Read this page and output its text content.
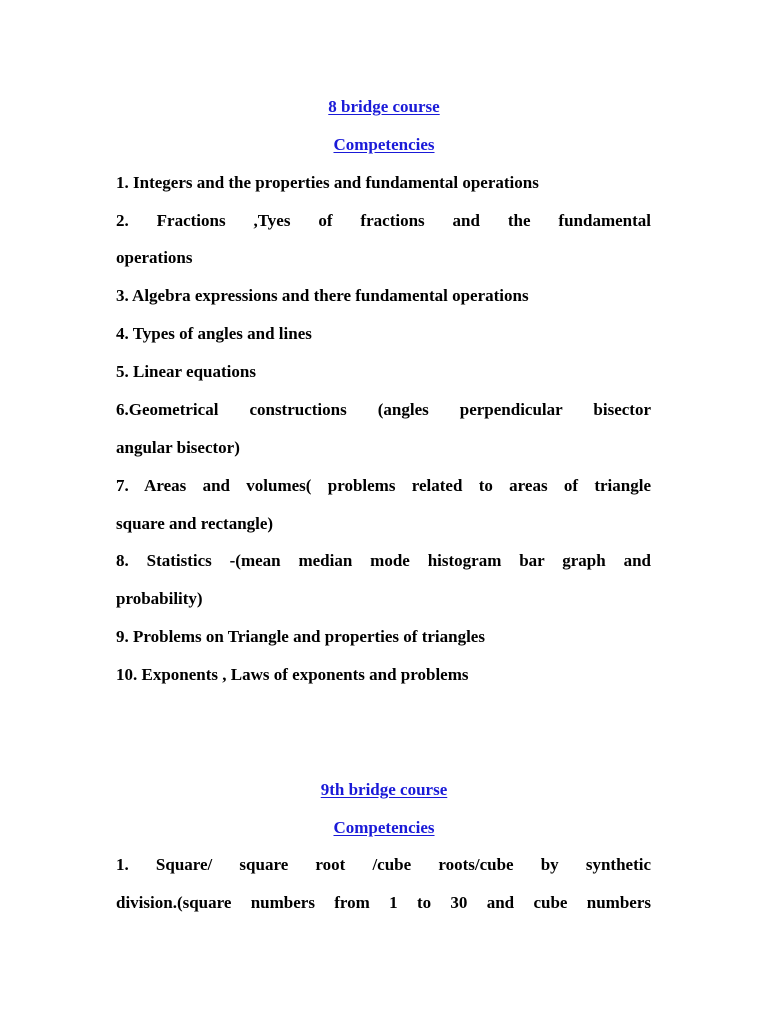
8 bridge course
Competencies
1. Integers and the properties and fundamental operations
2. Fractions ,Tyes of fractions and the fundamental
operations
3. Algebra expressions and there fundamental operations
4. Types of angles and lines
5. Linear equations
6.Geometrical constructions (angles perpendicular bisector
angular bisector)
7. Areas and volumes( problems related to areas of triangle
square and rectangle)
8. Statistics -(mean median mode histogram bar graph and
probability)
9. Problems on Triangle and properties of triangles
10. Exponents , Laws of exponents and problems
9th bridge course
Competencies
1. Square/ square root /cube roots/cube by synthetic
division.(square numbers from 1 to 30 and cube numbers
